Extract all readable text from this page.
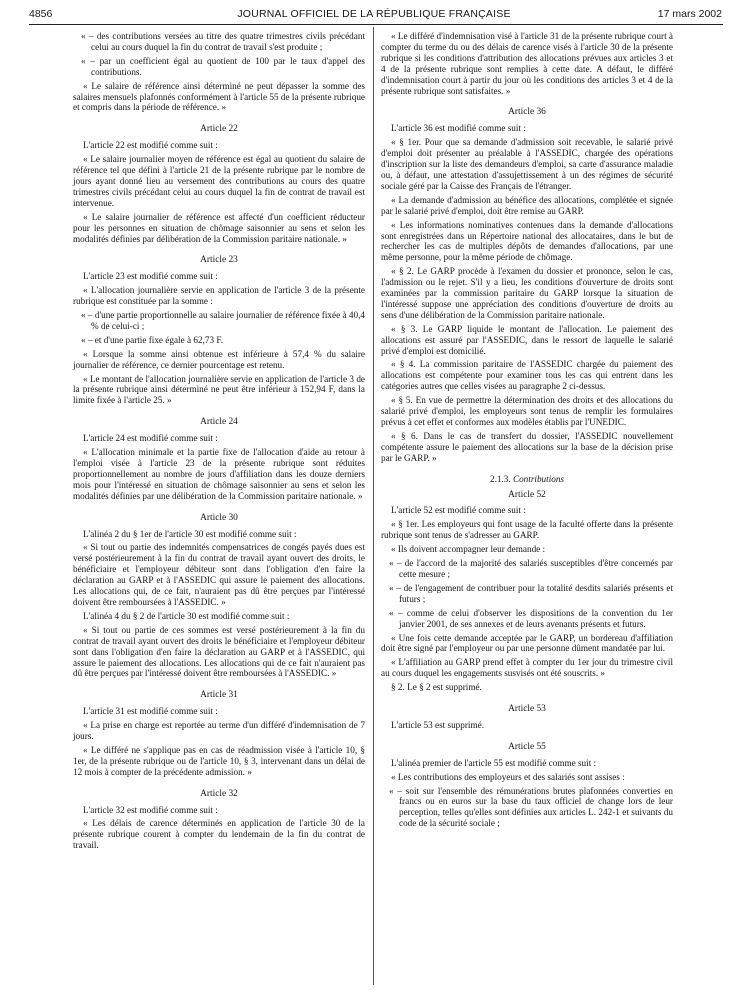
4856	JOURNAL OFFICIEL DE LA RÉPUBLIQUE FRANÇAISE	17 mars 2002

« – des contributions versées au titre des quatre trimestres civils précédant celui au cours duquel la fin du contrat de travail s'est produite ;

« – par un coefficient égal au quotient de 100 par le taux d'appel des contributions.

« Le salaire de référence ainsi déterminé ne peut dépasser la somme des salaires mensuels plafonnés conformément à l'article 55 de la présente rubrique et compris dans la période de référence. »

Article 22

L'article 22 est modifié comme suit :

« Le salaire journalier moyen de référence est égal au quotient du salaire de référence tel que défini à l'article 21 de la présente rubrique par le nombre de jours ayant donné lieu au versement des contributions au cours des quatre trimestres civils précédant celui au cours duquel la fin de contrat de travail est intervenue.

« Le salaire journalier de référence est affecté d'un coefficient réducteur pour les personnes en situation de chômage saisonnier au sens et selon les modalités définies par délibération de la Commission paritaire nationale. »

Article 23

L'article 23 est modifié comme suit :

« L'allocation journalière servie en application de l'article 3 de la présente rubrique est constituée par la somme :

« – d'une partie proportionnelle au salaire journalier de référence fixée à 40,4 % de celui-ci ;

« – et d'une partie fixe égale à 62,73 F.

« Lorsque la somme ainsi obtenue est inférieure à 57,4 % du salaire journalier de référence, ce dernier pourcentage est retenu.

« Le montant de l'allocation journalière servie en application de l'article 3 de la présente rubrique ainsi déterminé ne peut être inférieur à 152,94 F, dans la limite fixée à l'article 25. »

Article 24

L'article 24 est modifié comme suit :

« L'allocation minimale et la partie fixe de l'allocation d'aide au retour à l'emploi visée à l'article 23 de la présente rubrique sont réduites proportionnellement au nombre de jours d'affiliation dans les douze derniers mois pour l'intéressé en situation de chômage saisonnier au sens et selon les modalités définies par une délibération de la Commission paritaire nationale. »

Article 30

L'alinéa 2 du § 1er de l'article 30 est modifié comme suit :

« Si tout ou partie des indemnités compensatrices de congés payés dues est versé postérieurement à la fin du contrat de travail ayant ouvert des droits, le bénéficiaire et l'employeur débiteur sont dans l'obligation d'en faire la déclaration au GARP et à l'ASSEDIC qui assure le paiement des allocations. Les allocations qui, de ce fait, n'auraient pas dû être perçues par l'intéressé doivent être remboursées à l'ASSEDIC. »

L'alinéa 4 du § 2 de l'article 30 est modifié comme suit :

« Si tout ou partie de ces sommes est versé postérieurement à la fin du contrat de travail ayant ouvert des droits le bénéficiaire et l'employeur débiteur sont dans l'obligation d'en faire la déclaration au GARP et à l'ASSEDIC, qui assure le paiement des allocations. Les allocations qui de ce fait n'auraient pas dû être perçues par l'intéressé doivent être remboursées à l'ASSEDIC. »

Article 31

L'article 31 est modifié comme suit :

« La prise en charge est reportée au terme d'un différé d'indemnisation de 7 jours.

« Le différé ne s'applique pas en cas de réadmission visée à l'article 10, § 1er, de la présente rubrique ou de l'article 10, § 3, intervenant dans un délai de 12 mois à compter de la précédente admission. »

Article 32

L'article 32 est modifié comme suit :

« Les délais de carence déterminés en application de l'article 30 de la présente rubrique courent à compter du lendemain de la fin du contrat de travail.

« Le différé d'indemnisation visé à l'article 31 de la présente rubrique court à compter du terme du ou des délais de carence visés à l'article 30 de la présente rubrique si les conditions d'attribution des allocations prévues aux articles 3 et 4 de la présente rubrique sont remplies à cette date. A défaut, le différé d'indemnisation court à partir du jour où les conditions des articles 3 et 4 de la présente rubrique sont satisfaites. »

Article 36

L'article 36 est modifié comme suit :

« § 1er. Pour que sa demande d'admission soit recevable, le salarié privé d'emploi doit présenter au préalable à l'ASSEDIC, chargée des opérations d'inscription sur la liste des demandeurs d'emploi, sa carte d'assurance maladie ou, à défaut, une attestation d'assujettissement à un des régimes de sécurité sociale géré par la Caisse des Français de l'étranger.

« La demande d'admission au bénéfice des allocations, complétée et signée par le salarié privé d'emploi, doit être remise au GARP.

« Les informations nominatives contenues dans la demande d'allocations sont enregistrées dans un Répertoire national des allocataires, dans le but de rechercher les cas de multiples dépôts de demandes d'allocations, par une même personne, pour la même période de chômage.

« § 2. Le GARP procède à l'examen du dossier et prononce, selon le cas, l'admission ou le rejet. S'il y a lieu, les conditions d'ouverture de droits sont examinées par la commission paritaire du GARP lorsque la situation de l'intéressé suppose une appréciation des conditions d'ouverture de droits au sens d'une délibération de la Commission paritaire nationale.

« § 3. Le GARP liquide le montant de l'allocation. Le paiement des allocations est assuré par l'ASSEDIC, dans le ressort de laquelle le salarié privé d'emploi est domicilié.

« § 4. La commission paritaire de l'ASSEDIC chargée du paiement des allocations est compétente pour examiner tous les cas qui entrent dans les catégories autres que celles visées au paragraphe 2 ci-dessus.

« § 5. En vue de permettre la détermination des droits et des allocations du salarié privé d'emploi, les employeurs sont tenus de remplir les formulaires prévus à cet effet et conformes aux modèles établis par l'UNEDIC.

« § 6. Dans le cas de transfert du dossier, l'ASSEDIC nouvellement compétente assure le paiement des allocations sur la base de la décision prise par le GARP. »

2.1.3. Contributions

Article 52

L'article 52 est modifié comme suit :

« § 1er. Les employeurs qui font usage de la faculté offerte dans la présente rubrique sont tenus de s'adresser au GARP.

« Ils doivent accompagner leur demande :

« – de l'accord de la majorité des salariés susceptibles d'être concernés par cette mesure ;

« – de l'engagement de contribuer pour la totalité desdits salariés présents et futurs ;

« – comme de celui d'observer les dispositions de la convention du 1er janvier 2001, de ses annexes et de leurs avenants présents et futurs.

« Une fois cette demande acceptée par le GARP, un bordereau d'affiliation doit être signé par l'employeur ou par une personne dûment mandatée par lui.

« L'affiliation au GARP prend effet à compter du 1er jour du trimestre civil au cours duquel les engagements susvisés ont été souscrits. »

§ 2. Le § 2 est supprimé.

Article 53

L'article 53 est supprimé.

Article 55

L'alinéa premier de l'article 55 est modifié comme suit :

« Les contributions des employeurs et des salariés sont assises :

« – soit sur l'ensemble des rémunérations brutes plafonnées converties en francs ou en euros sur la base du taux officiel de change lors de leur perception, telles qu'elles sont définies aux articles L. 242-1 et suivants du code de la sécurité sociale ;
